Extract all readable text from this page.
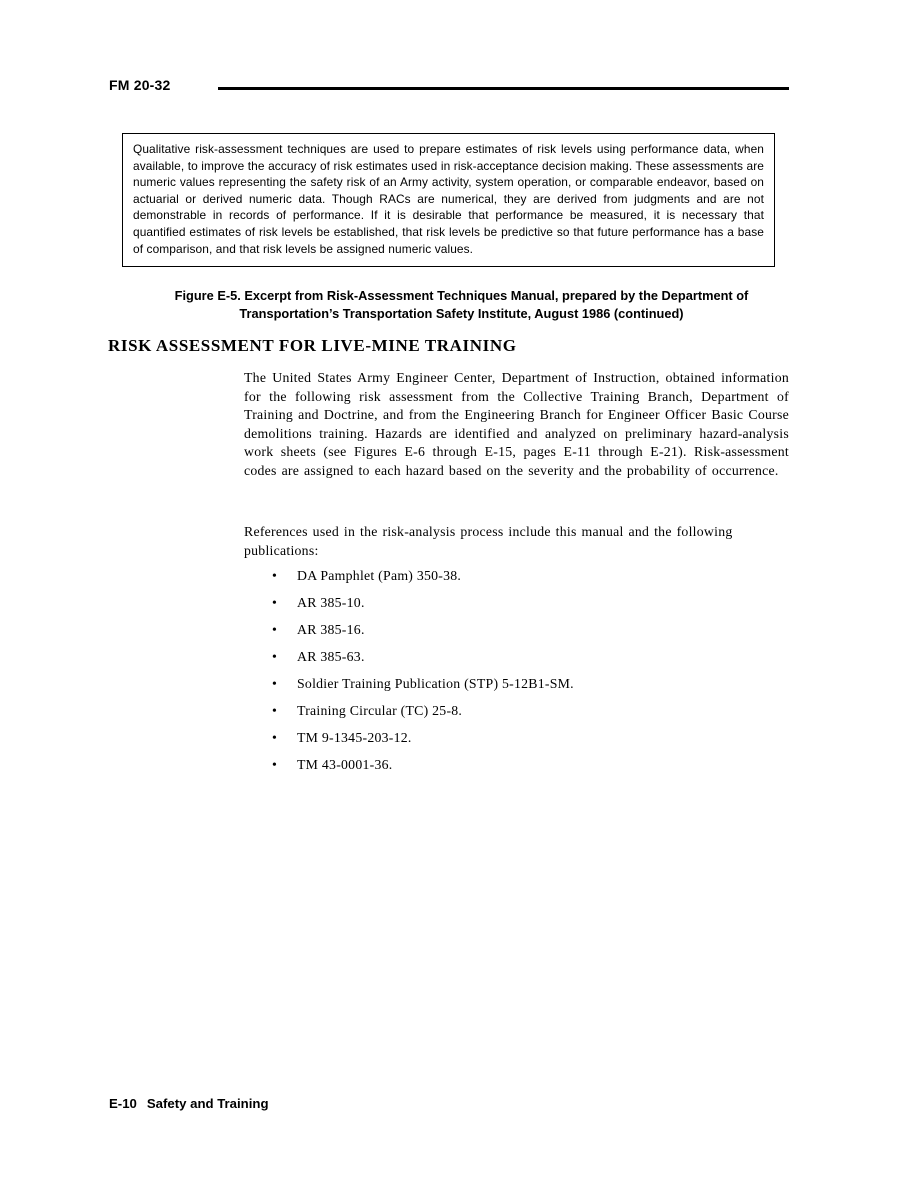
FM 20-32
Qualitative risk-assessment techniques are used to prepare estimates of risk levels using performance data, when available, to improve the accuracy of risk estimates used in risk-acceptance decision making. These assessments are numeric values representing the safety risk of an Army activity, system operation, or comparable endeavor, based on actuarial or derived numeric data. Though RACs are numerical, they are derived from judgments and are not demonstrable in records of performance. If it is desirable that performance be measured, it is necessary that quantified estimates of risk levels be established, that risk levels be predictive so that future performance has a base of comparison, and that risk levels be assigned numeric values.
Figure E-5. Excerpt from Risk-Assessment Techniques Manual, prepared by the Department of
Transportation’s Transportation Safety Institute, August 1986 (continued)
RISK ASSESSMENT FOR LIVE-MINE TRAINING
The United States Army Engineer Center, Department of Instruction, obtained information for the following risk assessment from the Collective Training Branch, Department of Training and Doctrine, and from the Engineering Branch for Engineer Officer Basic Course demolitions training. Hazards are identified and analyzed on preliminary hazard-analysis work sheets (see Figures E-6 through E-15, pages E-11 through E-21). Risk-assessment codes are assigned to each hazard based on the severity and the probability of occurrence.
References used in the risk-analysis process include this manual and the following publications:
•	DA Pamphlet (Pam) 350-38.
•	AR 385-10.
•	AR 385-16.
•	AR 385-63.
•	Soldier Training Publication (STP) 5-12B1-SM.
•	Training Circular (TC) 25-8.
•	TM 9-1345-203-12.
•	TM 43-0001-36.
E-10 Safety and Training
